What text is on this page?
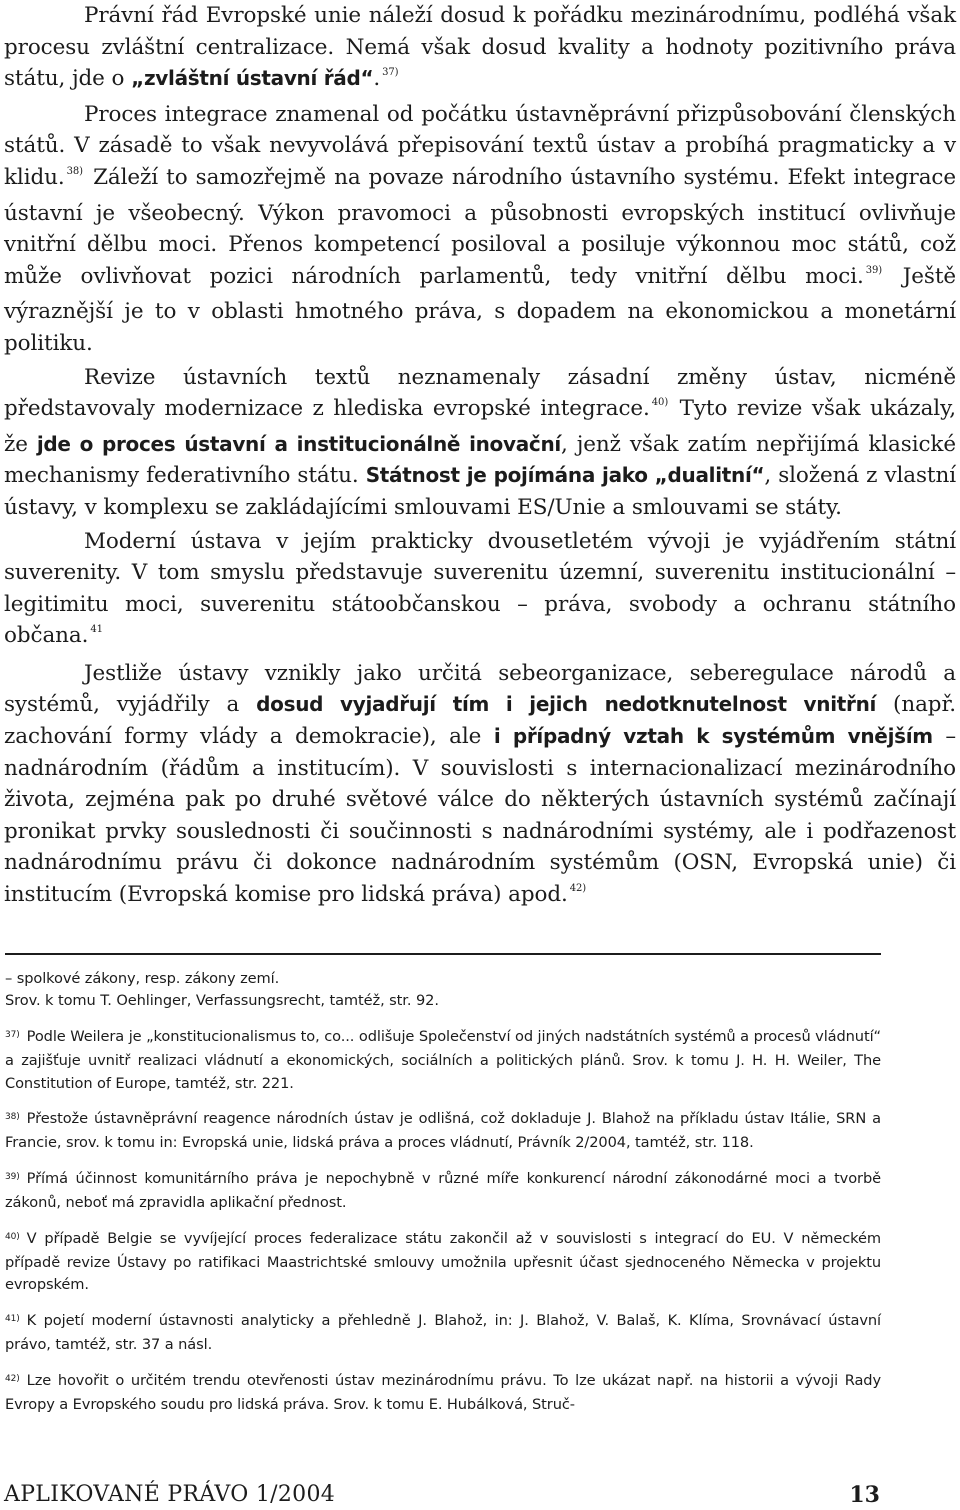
Právní řád Evropské unie náleží dosud k pořádku mezinárodnímu, podléhá však procesu zvláštní centralizace. Nemá však dosud kvality a hodnoty pozitivního práva státu, jde o „zvláštní ústavní řád“. $^{37)}$

Proces integrace znamenal od počátku ústavněprávní přizpůsobování členských států. V zásadě to však nevyvolává přepisování textů ústav a probíhá pragmaticky a v klidu. $^{38)}$ Záleží to samozřejmě na povaze národního ústavního systému. Efekt integrace ústavní je všeobecný. Výkon pravomoci a působnosti evropských institucí ovlivňuje vnitřní dělbu moci. Přenos kompetencí posiloval a posiluje výkonnou moc států, což může ovlivňovat pozici národních parlamentů, tedy vnitřní dělbu moci. $^{39)}$ Ještě výraznější je to v oblasti hmotného práva, s dopadem na ekonomickou a monetární politiku.

Revize ústavních textů neznamenaly zásadní změny ústav, nicméně představovaly modernizace z hlediska evropské integrace. $^{40)}$ Tyto revize však ukázaly, že jde o proces ústavní a institucionálně inovační, jenž však zatím nepřijímá klasické mechanismy federativního státu. Státnost je pojímána jako „dualitní“, složená z vlastní ústavy, v komplexu se zakládajícími smlouvami ES/Unie a smlouvami se státy.

Moderní ústava v jejím prakticky dvousetletém vývoji je vyjádřením státní suverenity. V tom smyslu představuje suverenitu územní, suverenitu institucionální – legitimitu moci, suverenitu státoobčanskou – práva, svobody a ochranu státního občana. $^{41}$

Jestliže ústavy vznikly jako určitá sebeorganizace, seberegulace národů a systémů, vyjádřily a dosud vyjadřují tím i jejich nedotknutelnost vnitřní (např. zachování formy vlády a demokracie), ale i případný vztah k systémům vnějším – nadnárodním (řádům a institucím). V souvislosti s internacionalizací mezinárodního života, zejména pak po druhé světové válce do některých ústavních systémů začínají pronikat prvky souslednosti či součinnosti s nadnárodními systémy, ale i podřazenost nadnárodnímu právu či dokonce nadnárodním systémům (OSN, Evropská unie) či institucím (Evropská komise pro lidská práva) apod. $^{42)}$

– spolkové zákony, resp. zákony zemí.

Srov. k tomu T. Oehlinger, Verfassungsrecht, tamtéž, str. 92.

$^{37)}$ Podle Weilera je „konstitucionalismus to, co... odlišuje Společenství od jiných nadstátních systémů a procesů vládnutí“ a zajišťuje uvnitř realizaci vládnutí a ekonomických, sociálních a politických plánů. Srov. k tomu J. H. H. Weiler, The Constitution of Europe, tamtéž, str. 221.

$^{38)}$ Přestože ústavněprávní reagence národních ústav je odlišná, což dokladuje J. Blahož na příkladu ústav Itálie, SRN a Francie, srov. k tomu in: Evropská unie, lidská práva a proces vládnutí, Právník 2/2004, tamtéž, str. 118.

$^{39)}$ Přímá účinnost komunitárního práva je nepochybně v různé míře konkurencí národní zákonodárné moci a tvorbě zákonů, neboť má zpravidla aplikační přednost.

$^{40)}$ V případě Belgie se vyvíjející proces federalizace státu zakončil až v souvislosti s integrací do EU. V německém případě revize Ústavy po ratifikaci Maastrichtské smlouvy umožnila upřesnit účast sjednoceného Německa v projektu evropském.

$^{41)}$ K pojetí moderní ústavnosti analyticky a přehledně J. Blahož, in: J. Blahož, V. Balaš, K. Klíma, Srovnávací ústavní právo, tamtéž, str. 37 a násl.

$^{42)}$ Lze hovořit o určitém trendu otevřenosti ústav mezinárodnímu právu. To lze ukázat např. na historii a vývoji Rady Evropy a Evropského soudu pro lidská práva. Srov. k tomu E. Hubálková, Struč-

APLIKOVANÉ PRÁVO 1/2004	13
